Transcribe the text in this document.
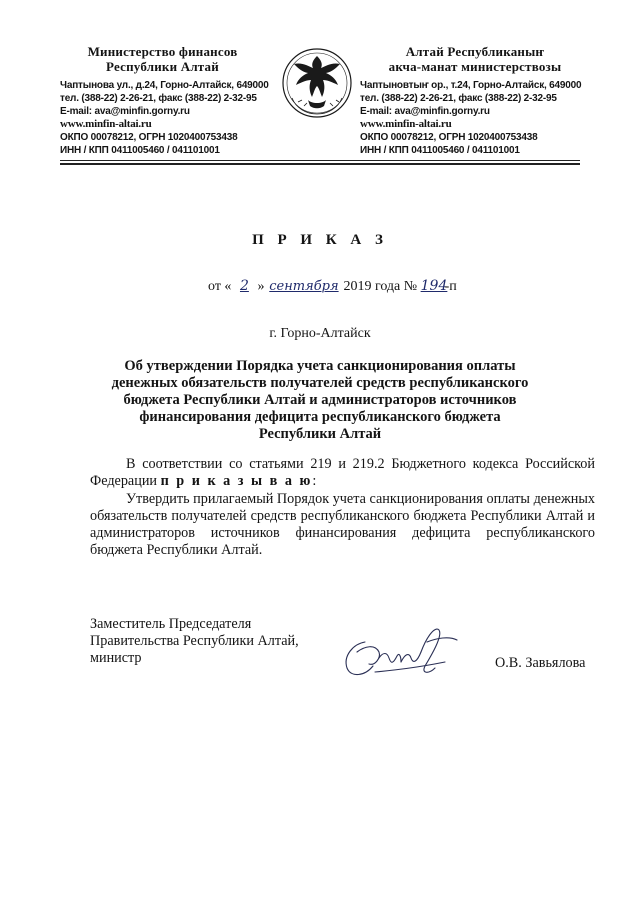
Министерство финансов
Республики Алтай
Чаптынова ул., д.24, Горно-Алтайск, 649000
тел. (388-22) 2-26-21, факс (388-22) 2-32-95
E-mail: ava@minfin.gorny.ru
www.minfin-altai.ru
ОКПО 00078212, ОГРН 1020400753438
ИНН / КПП 0411005460 / 041101001
Алтай Республиканыҥ
акча-манат министерствозы
Чаптыновтыҥ ор., т.24, Горно-Алтайск, 649000
тел. (388-22) 2-26-21, факс (388-22) 2-32-95
E-mail: ava@minfin.gorny.ru
www.minfin-altai.ru
ОКПО 00078212, ОГРН 1020400753438
ИНН / КПП 0411005460 / 041101001
П Р И К А З
от « 2 » сентября 2019 года № 194-п
г. Горно-Алтайск
Об утверждении Порядка учета санкционирования оплаты денежных обязательств получателей средств республиканского бюджета Республики Алтай и администраторов источников финансирования дефицита республиканского бюджета Республики Алтай
В соответствии со статьями 219 и 219.2 Бюджетного кодекса Российской Федерации п р и к а з ы в а ю:
Утвердить прилагаемый Порядок учета санкционирования оплаты денежных обязательств получателей средств республиканского бюджета Республики Алтай и администраторов источников финансирования дефицита республиканского бюджета Республики Алтай.
Заместитель Председателя
Правительства Республики Алтай,
министр	О.В. Завьялова
